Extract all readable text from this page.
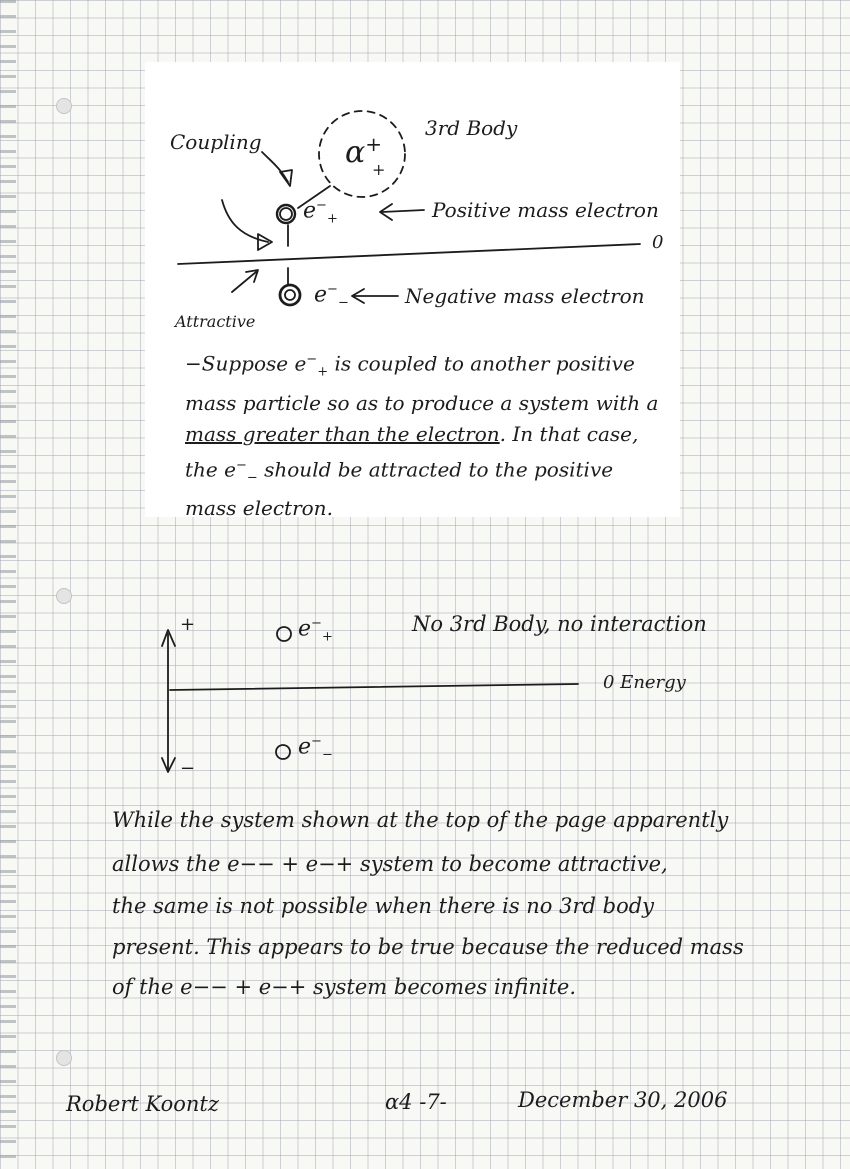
Coupling	α+
+
3rd Body
$e^-_+$	Positive mass electron
0
$e^-_-$	Negative mass electron
Attractive
−Suppose $e^-_+$ is coupled to another positive mass particle so as to produce a system with a mass greater than the electron. In that case, the $e^-_-$ should be attracted to the positive mass electron.
+
−
$e^-_+$
$e^-_-$
No 3rd Body, no interaction
0 Energy
While the system shown at the top of the page apparently
allows the e−− + e−+ system to become attractive,
the same is not possible when there is no 3rd body
present. This appears to be true because the reduced mass
of the e−− + e−+ system becomes infinite.
Robert Koontz	α4 -7-	December 30, 2006
